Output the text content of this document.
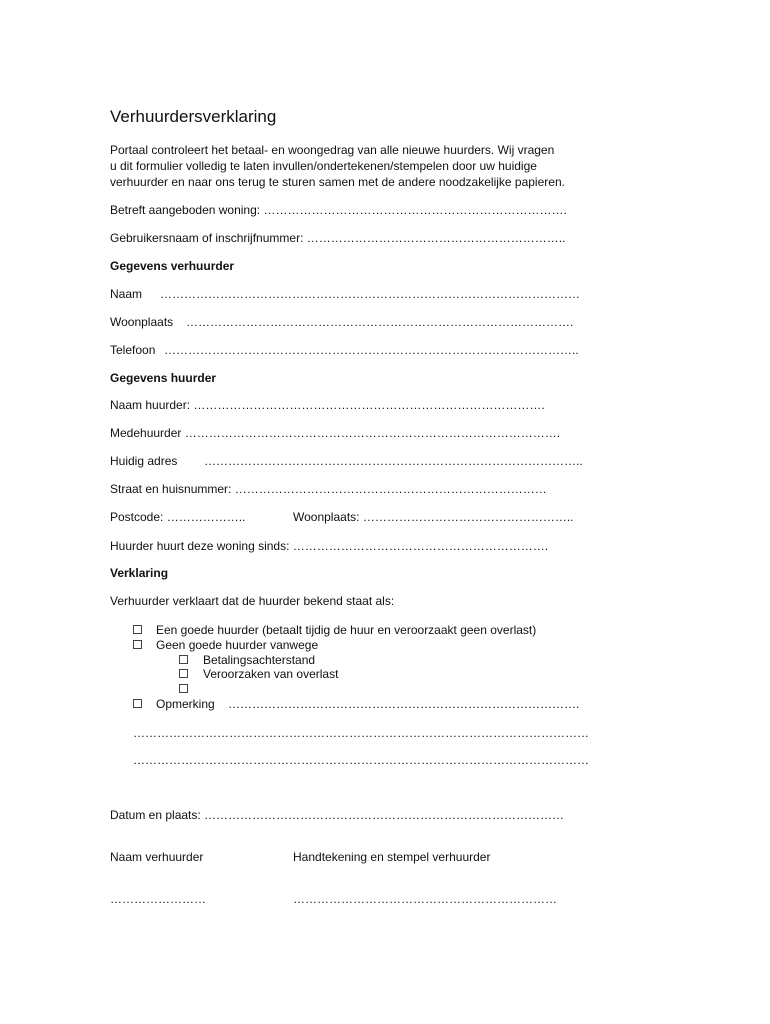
Verhuurdersverklaring
Portaal controleert het betaal- en woongedrag van alle nieuwe huurders. Wij vragen
u dit formulier volledig te laten invullen/ondertekenen/stempelen door uw huidige
verhuurder en naar ons terug te sturen samen met de andere noodzakelijke papieren.
Betreft aangeboden woning: ………………………………………………………………….
Gebruikersnaam of inschrijfnummer: ………………………………………………………..
Gegevens verhuurder
Naam ……………………………………………………………………………………………
Woonplaats …………………………………………………………………………………….
Telefoon …………………………………………………………………………………………..
Gegevens huurder
Naam huurder: …………………………………………………………………………….
Medehuurder ………………………………………………………………………………….
Huidig adres …………………………………………………………………………………..
Straat en huisnummer: ……………………………………………………………………
Postcode: ………………..	Woonplaats: ……………………………………………..
Huurder huurt deze woning sinds: ……………………………………………………….
Verklaring
Verhuurder verklaart dat de huurder bekend staat als:
Een goede huurder (betaalt tijdig de huur en veroorzaakt geen overlast)
Geen goede huurder vanwege
Betalingsachterstand
Veroorzaken van overlast
Opmerking …………………………………………………………………………….
……………………………………………………………………………………………………
……………………………………………………………………………………………………
Datum en plaats: ………………………………………………………………………………
Naam verhuurder	Handtekening en stempel verhuurder
……………………	…………………………………………………………
